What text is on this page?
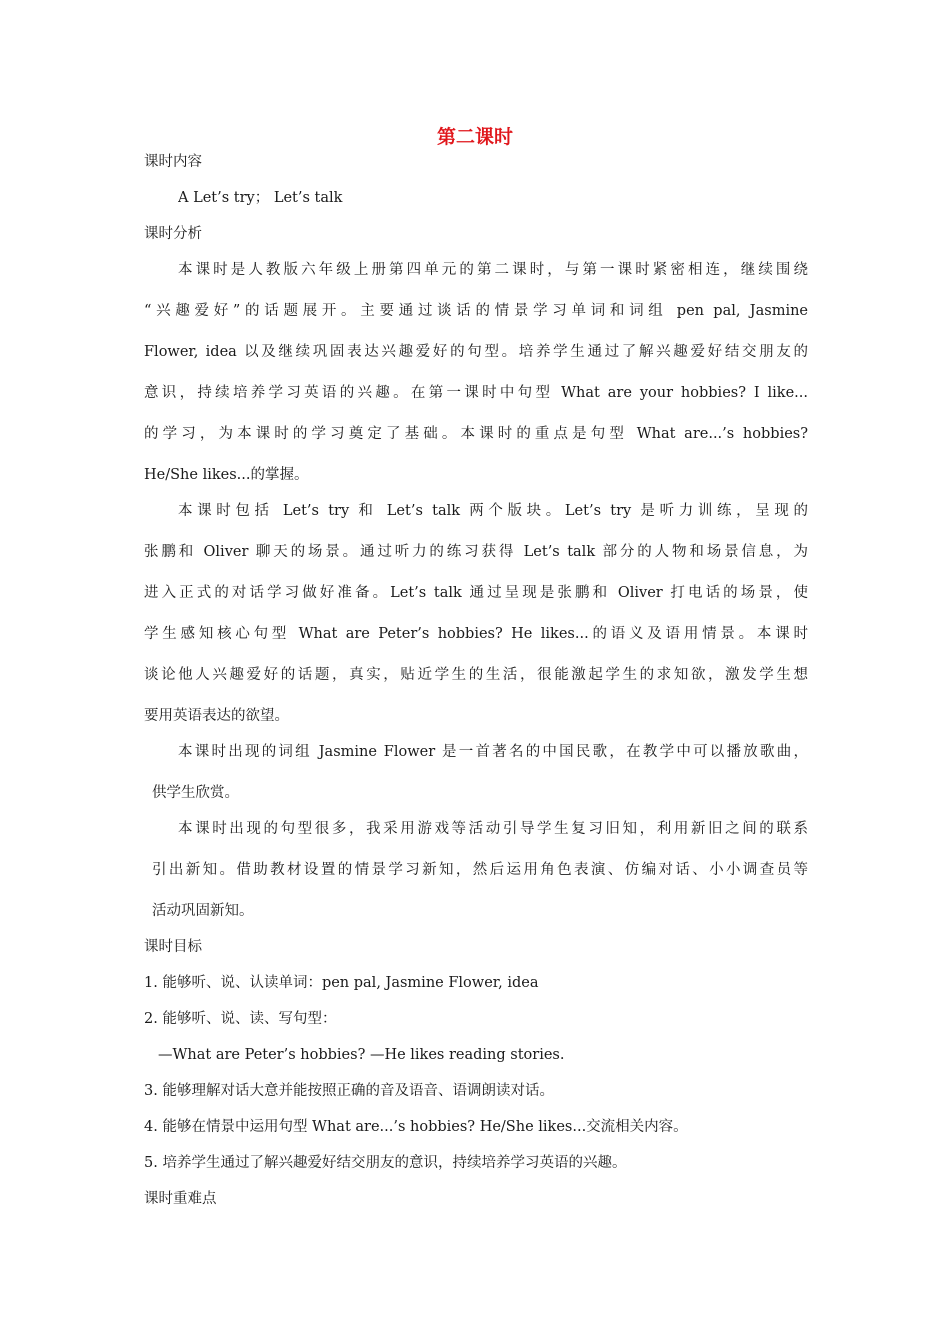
第二课时
课时内容
A Let’s try； Let’s talk
课时分析
本课时是人教版六年级上册第四单元的第二课时，与第一课时紧密相连，继续围绕
“兴趣爱好”的话题展开。主要通过谈话的情景学习单词和词组 pen pal, Jasmine
Flower, idea 以及继续巩固表达兴趣爱好的句型。培养学生通过了解兴趣爱好结交朋友的
意识，持续培养学习英语的兴趣。在第一课时中句型 What are your hobbies? I like...
的学习，为本课时的学习奠定了基础。本课时的重点是句型 What are...’s hobbies?
He/She likes...的掌握。
本课时包括 Let’s try 和 Let’s talk 两个版块。Let’s try 是听力训练，呈现的
张鹏和 Oliver 聊天的场景。通过听力的练习获得 Let’s talk 部分的人物和场景信息，为
进入正式的对话学习做好准备。Let’s talk 通过呈现是张鹏和 Oliver 打电话的场景，使
学生感知核心句型 What are Peter’s hobbies? He likes...的语义及语用情景。本课时
谈论他人兴趣爱好的话题，真实，贴近学生的生活，很能激起学生的求知欲，激发学生想
要用英语表达的欲望。
本课时出现的词组 Jasmine Flower 是一首著名的中国民歌，在教学中可以播放歌曲，
供学生欣赏。
本课时出现的句型很多，我采用游戏等活动引导学生复习旧知，利用新旧之间的联系
引出新知。借助教材设置的情景学习新知，然后运用角色表演、仿编对话、小小调查员等
活动巩固新知。
课时目标
1. 能够听、说、认读单词：pen pal, Jasmine Flower, idea
2. 能够听、说、读、写句型：
—What are Peter’s hobbies? —He likes reading stories.
3. 能够理解对话大意并能按照正确的音及语音、语调朗读对话。
4. 能够在情景中运用句型 What are...’s hobbies? He/She likes...交流相关内容。
5. 培养学生通过了解兴趣爱好结交朋友的意识，持续培养学习英语的兴趣。
课时重难点
